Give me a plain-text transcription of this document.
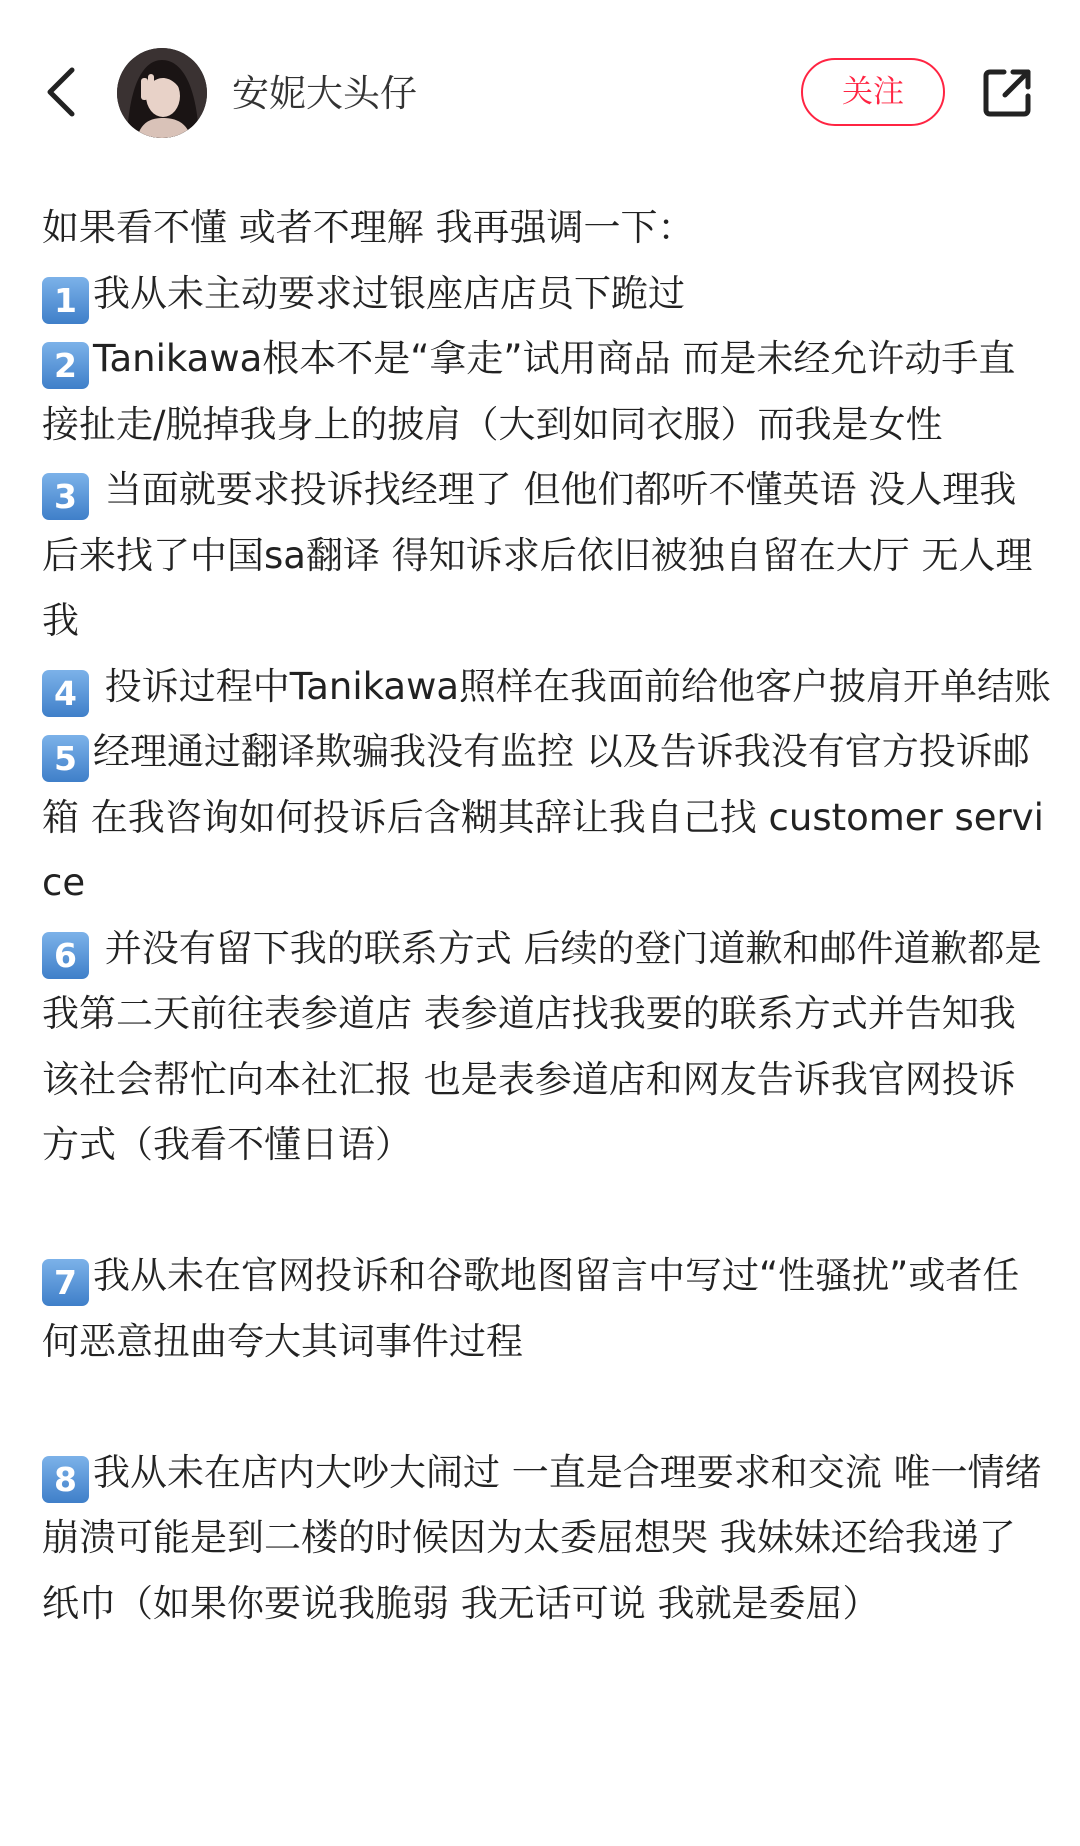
安妮大头仔	关注

如果看不懂 或者不理解 我再强调一下：

1 我从未主动要求过银座店店员下跪过

2 Tanikawa根本不是“拿走”试用商品 而是未经允许动手直接扯走/脱掉我身上的披肩（大到如同衣服）而我是女性

3 当面就要求投诉找经理了 但他们都听不懂英语 没人理我 后来找了中国sa翻译 得知诉求后依旧被独自留在大厅 无人理我

4 投诉过程中Tanikawa照样在我面前给他客户披肩开单结账

5 经理通过翻译欺骗我没有监控 以及告诉我没有官方投诉邮箱 在我咨询如何投诉后含糊其辞让我自己找 customer service

6 并没有留下我的联系方式 后续的登门道歉和邮件道歉都是我第二天前往表参道店 表参道店找我要的联系方式并告知我该社会帮忙向本社汇报 也是表参道店和网友告诉我官网投诉方式（我看不懂日语）

7 我从未在官网投诉和谷歌地图留言中写过“性骚扰”或者任何恶意扭曲夸大其词事件过程

8 我从未在店内大吵大闹过 一直是合理要求和交流 唯一情绪崩溃可能是到二楼的时候因为太委屈想哭 我妹妹还给我递了纸巾（如果你要说我脆弱 我无话可说 我就是委屈）
